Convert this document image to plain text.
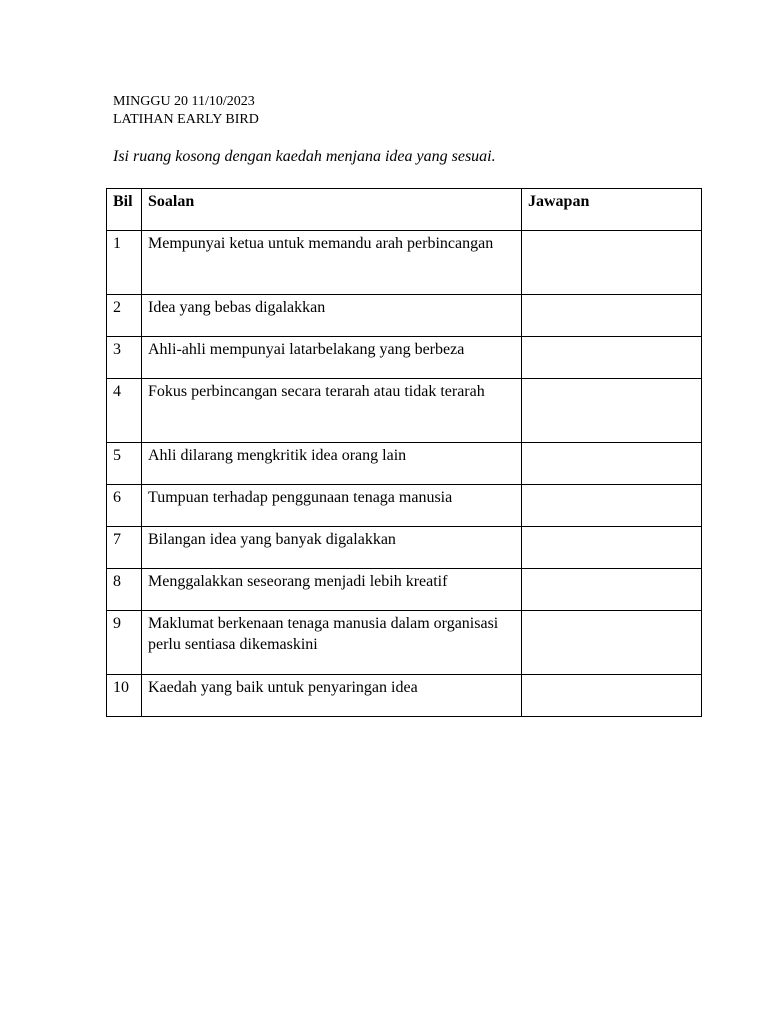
MINGGU 20 11/10/2023
LATIHAN EARLY BIRD
Isi ruang kosong dengan kaedah menjana idea yang sesuai.
Bil	Soalan	Jawapan
1	Mempunyai ketua untuk memandu arah perbincangan	
2	Idea yang bebas digalakkan	
3	Ahli-ahli mempunyai latarbelakang yang berbeza	
4	Fokus perbincangan secara terarah atau tidak terarah	
5	Ahli dilarang mengkritik idea orang lain	
6	Tumpuan terhadap penggunaan tenaga manusia	
7	Bilangan idea yang banyak digalakkan	
8	Menggalakkan seseorang menjadi lebih kreatif	
9	Maklumat berkenaan tenaga manusia dalam organisasi perlu sentiasa dikemaskini	
10	Kaedah yang baik untuk penyaringan idea	
